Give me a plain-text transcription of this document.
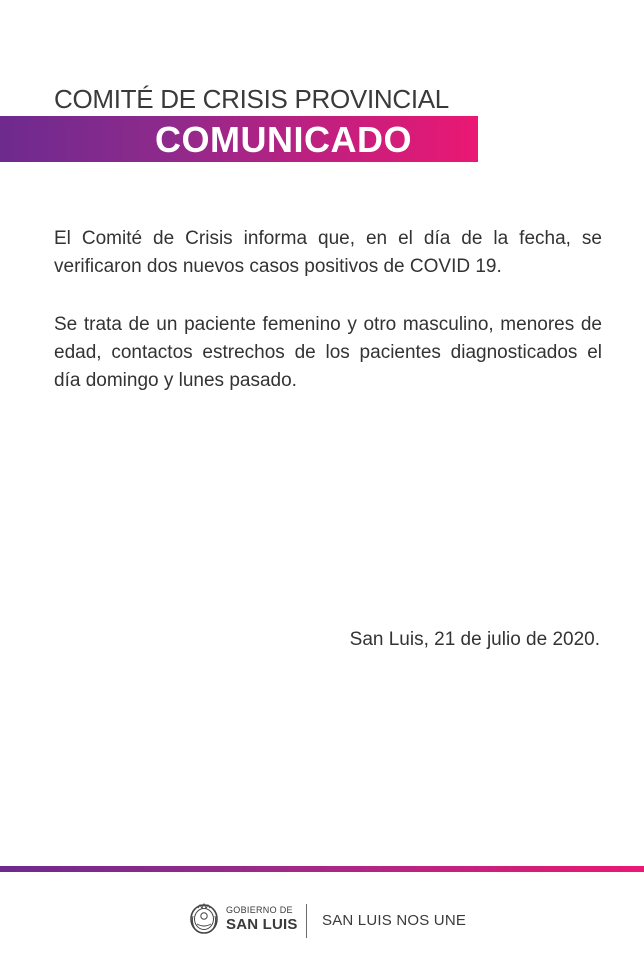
COMITÉ DE CRISIS PROVINCIAL
COMUNICADO

El Comité de Crisis informa que, en el día de la fecha, se verificaron dos nuevos casos positivos de COVID 19.

Se trata de un paciente femenino y otro masculino, menores de edad, contactos estrechos de los pacientes diagnosticados el día domingo y lunes pasado.

San Luis, 21 de julio de 2020.
GOBIERNO DE
SAN LUIS SAN LUIS NOS UNE
